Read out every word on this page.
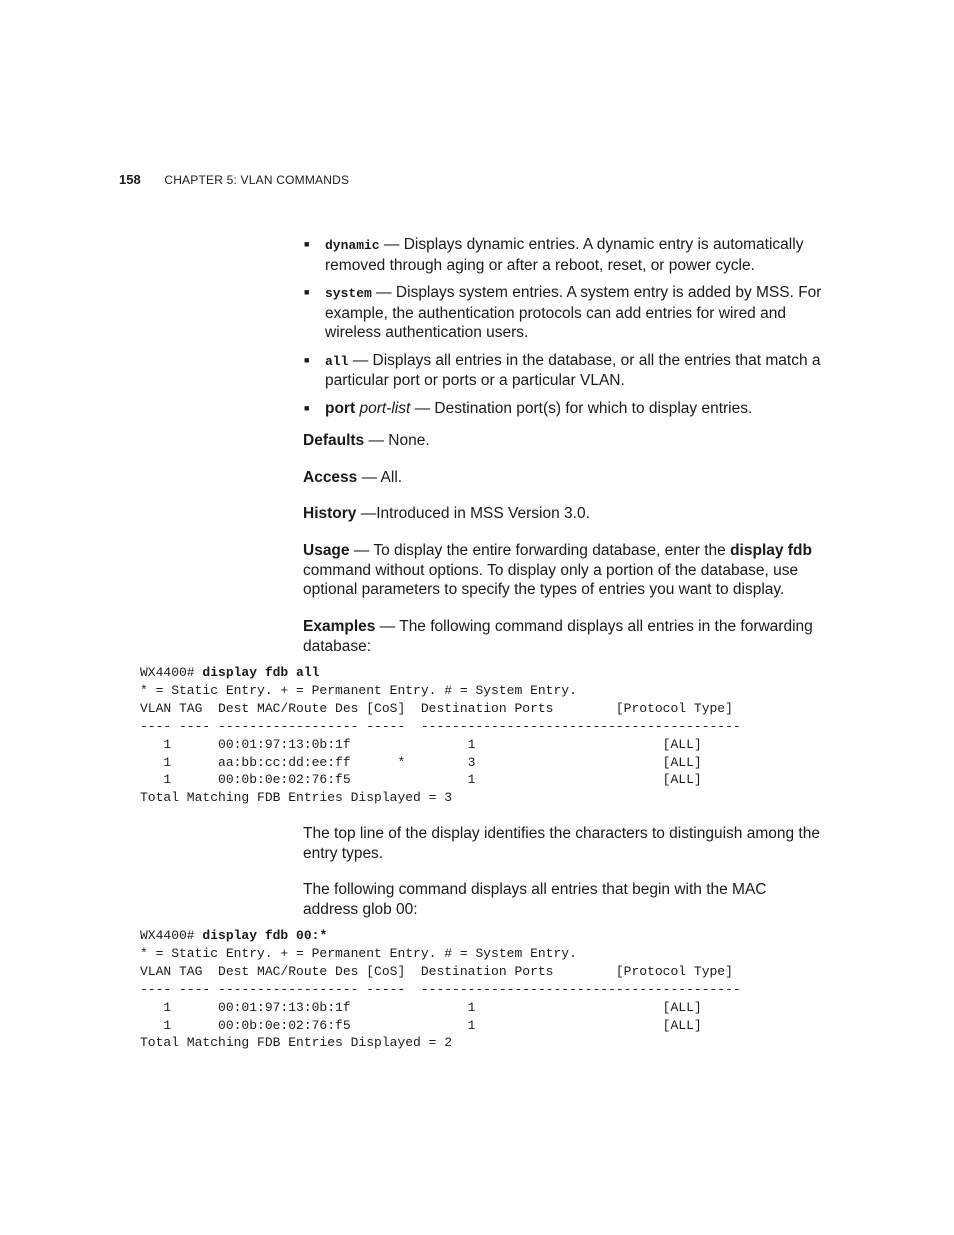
158 CHAPTER 5: VLAN COMMANDS
■ dynamic — Displays dynamic entries. A dynamic entry is automatically removed through aging or after a reboot, reset, or power cycle.
■ system — Displays system entries. A system entry is added by MSS. For example, the authentication protocols can add entries for wired and wireless authentication users.
■ all — Displays all entries in the database, or all the entries that match a particular port or ports or a particular VLAN.
■ port port-list — Destination port(s) for which to display entries.

Defaults — None.

Access — All.

History —Introduced in MSS Version 3.0.

Usage — To display the entire forwarding database, enter the display fdb command without options. To display only a portion of the database, use optional parameters to specify the types of entries you want to display.

Examples — The following command displays all entries in the forwarding database:

WX4400# display fdb all
* = Static Entry. + = Permanent Entry. # = System Entry.
VLAN TAG  Dest MAC/Route Des [CoS]  Destination Ports        [Protocol Type]
---- ---- ------------------ -----  -----------------------------------------
1      00:01:97:13:0b:1f               1                        [ALL]
1      aa:bb:cc:dd:ee:ff      *        3                        [ALL]
1      00:0b:0e:02:76:f5               1                        [ALL]
Total Matching FDB Entries Displayed = 3

The top line of the display identifies the characters to distinguish among the entry types.

The following command displays all entries that begin with the MAC address glob 00:

WX4400# display fdb 00:*
* = Static Entry. + = Permanent Entry. # = System Entry.
VLAN TAG  Dest MAC/Route Des [CoS]  Destination Ports        [Protocol Type]
---- ---- ------------------ -----  -----------------------------------------
1      00:01:97:13:0b:1f               1                        [ALL]
1      00:0b:0e:02:76:f5               1                        [ALL]
Total Matching FDB Entries Displayed = 2
